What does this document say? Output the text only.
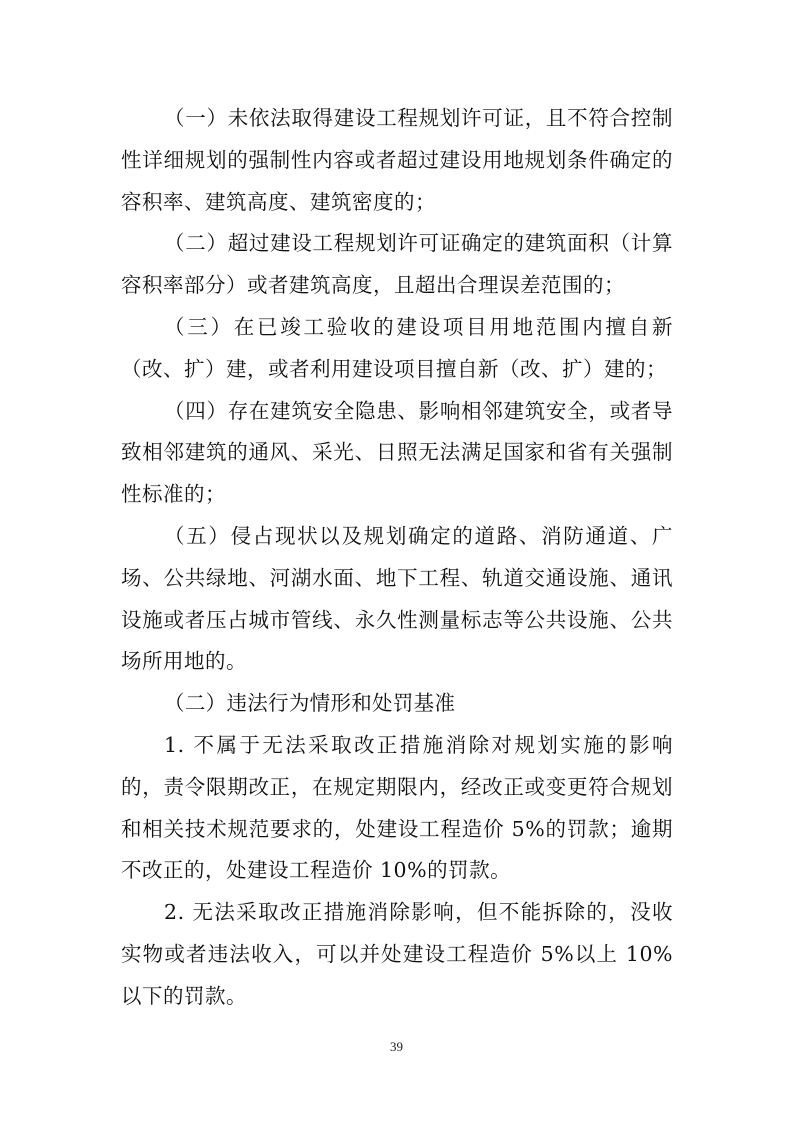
（一）未依法取得建设工程规划许可证，且不符合控制性详细规划的强制性内容或者超过建设用地规划条件确定的容积率、建筑高度、建筑密度的；

（二）超过建设工程规划许可证确定的建筑面积（计算容积率部分）或者建筑高度，且超出合理误差范围的；

（三）在已竣工验收的建设项目用地范围内擅自新（改、扩）建，或者利用建设项目擅自新（改、扩）建的；

（四）存在建筑安全隐患、影响相邻建筑安全，或者导致相邻建筑的通风、采光、日照无法满足国家和省有关强制性标准的；

（五）侵占现状以及规划确定的道路、消防通道、广场、公共绿地、河湖水面、地下工程、轨道交通设施、通讯设施或者压占城市管线、永久性测量标志等公共设施、公共场所用地的。

（二）违法行为情形和处罚基准

1. 不属于无法采取改正措施消除对规划实施的影响的，责令限期改正，在规定期限内，经改正或变更符合规划和相关技术规范要求的，处建设工程造价 5%的罚款；逾期不改正的，处建设工程造价 10%的罚款。

2. 无法采取改正措施消除影响，但不能拆除的，没收实物或者违法收入，可以并处建设工程造价 5%以上 10%以下的罚款。

39
